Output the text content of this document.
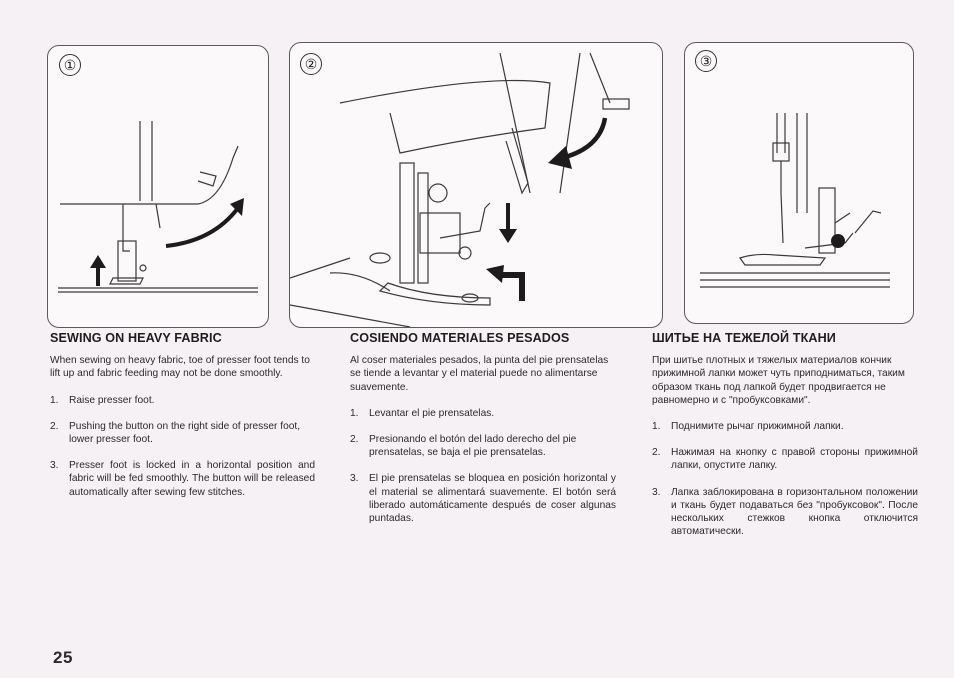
①	②	③
SEWING ON HEAVY FABRIC

When sewing on heavy fabric, toe of presser foot tends to lift up and fabric feeding may not be done smoothly.

1.	Raise presser foot.
2.	Pushing the button on the right side of presser foot, lower presser foot.
3.	Presser foot is locked in a horizontal position and fabric will be fed smoothly. The button will be released automatically after sewing few stitches.
COSIENDO MATERIALES PESADOS

Al coser materiales pesados, la punta del pie prensatelas se tiende a levantar y el material puede no alimentarse suavemente.

1.	Levantar el pie prensatelas.
2.	Presionando el botón del lado derecho del pie prensatelas, se baja el pie prensatelas.
3.	El pie prensatelas se bloquea en posición horizontal y el material se alimentará suavemente. El botón será liberado automáticamente después de coser algunas puntadas.
ШИТЬЕ НА ТЕЖЕЛОЙ ТКАНИ

При шитье плотных и тяжелых материалов кончик прижимной лапки может чуть приподниматься, таким образом ткань под лапкой будет продвигается не равномерно и с "пробуксовками".

1.	Поднимите рычаг прижимной лапки.
2.	Нажимая на кнопку с правой стороны прижимной лапки, опустите лапку.
3.	Лапка заблокирована в горизонтальном положении и ткань будет подаваться без "пробуксовок". После нескольких стежков кнопка отключится автоматически.
25
